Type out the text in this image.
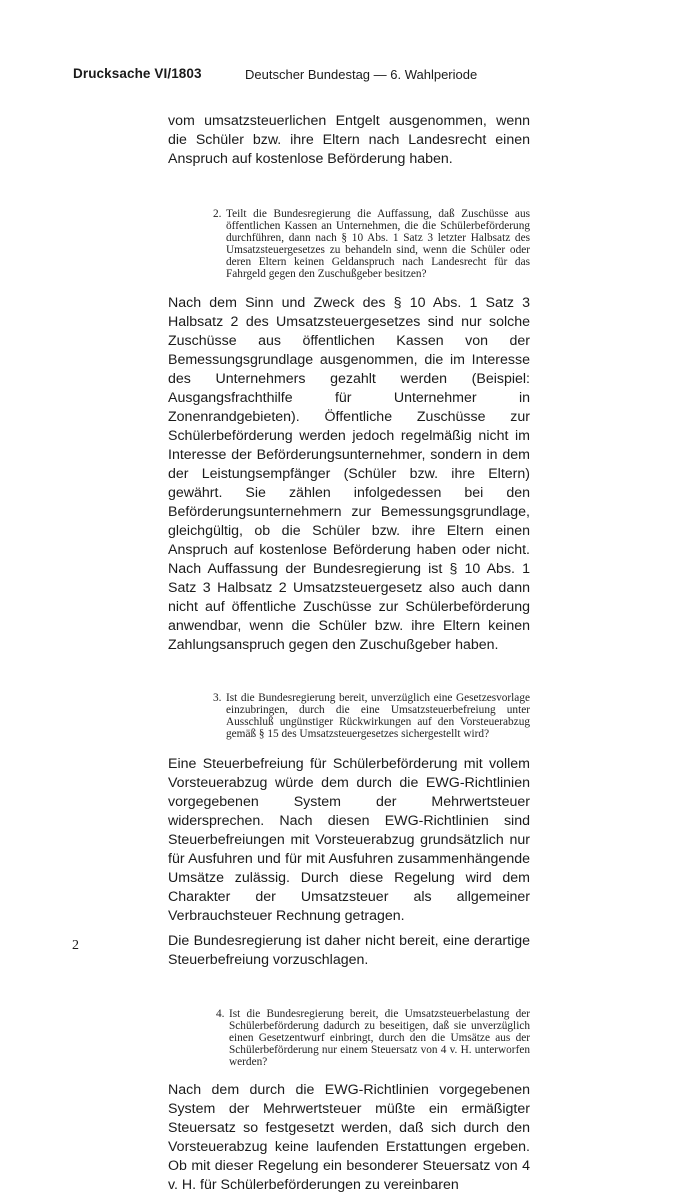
Drucksache VI/1803	Deutscher Bundestag — 6. Wahlperiode

vom umsatzsteuerlichen Entgelt ausgenommen, wenn die Schüler bzw. ihre Eltern nach Landesrecht einen Anspruch auf kostenlose Beförderung haben.

2. Teilt die Bundesregierung die Auffassung, daß Zuschüsse aus öffentlichen Kassen an Unternehmen, die die Schülerbeförderung durchführen, dann nach § 10 Abs. 1 Satz 3 letzter Halbsatz des Umsatzsteuergesetzes zu behandeln sind, wenn die Schüler oder deren Eltern keinen Geldanspruch nach Landesrecht für das Fahrgeld gegen den Zuschußgeber besitzen?

Nach dem Sinn und Zweck des § 10 Abs. 1 Satz 3 Halbsatz 2 des Umsatzsteuergesetzes sind nur solche Zuschüsse aus öffentlichen Kassen von der Bemessungsgrundlage ausgenommen, die im Interesse des Unternehmers gezahlt werden (Beispiel: Ausgangsfrachthilfe für Unternehmer in Zonenrandgebieten). Öffentliche Zuschüsse zur Schülerbeförderung werden jedoch regelmäßig nicht im Interesse der Beförderungsunternehmer, sondern in dem der Leistungsempfänger (Schüler bzw. ihre Eltern) gewährt. Sie zählen infolgedessen bei den Beförderungsunternehmern zur Bemessungsgrundlage, gleichgültig, ob die Schüler bzw. ihre Eltern einen Anspruch auf kostenlose Beförderung haben oder nicht. Nach Auffassung der Bundesregierung ist § 10 Abs. 1 Satz 3 Halbsatz 2 Umsatzsteuergesetz also auch dann nicht auf öffentliche Zuschüsse zur Schülerbeförderung anwendbar, wenn die Schüler bzw. ihre Eltern keinen Zahlungsanspruch gegen den Zuschußgeber haben.

3. Ist die Bundesregierung bereit, unverzüglich eine Gesetzesvorlage einzubringen, durch die eine Umsatzsteuerbefreiung unter Ausschluß ungünstiger Rückwirkungen auf den Vorsteuerabzug gemäß § 15 des Umsatzsteuergesetzes sichergestellt wird?

Eine Steuerbefreiung für Schülerbeförderung mit vollem Vorsteuerabzug würde dem durch die EWG-Richtlinien vorgegebenen System der Mehrwertsteuer widersprechen. Nach diesen EWG-Richtlinien sind Steuerbefreiungen mit Vorsteuerabzug grundsätzlich nur für Ausfuhren und für mit Ausfuhren zusammenhängende Umsätze zulässig. Durch diese Regelung wird dem Charakter der Umsatzsteuer als allgemeiner Verbrauchsteuer Rechnung getragen.

Die Bundesregierung ist daher nicht bereit, eine derartige Steuerbefreiung vorzuschlagen.

4. Ist die Bundesregierung bereit, die Umsatzsteuerbelastung der Schülerbeförderung dadurch zu beseitigen, daß sie unverzüglich einen Gesetzentwurf einbringt, durch den die Umsätze aus der Schülerbeförderung nur einem Steuersatz von 4 v. H. unterworfen werden?

Nach dem durch die EWG-Richtlinien vorgegebenen System der Mehrwertsteuer müßte ein ermäßigter Steuersatz so festgesetzt werden, daß sich durch den Vorsteuerabzug keine laufenden Erstattungen ergeben. Ob mit dieser Regelung ein besonderer Steuersatz von 4 v. H. für Schülerbeförderungen zu vereinbaren

2
